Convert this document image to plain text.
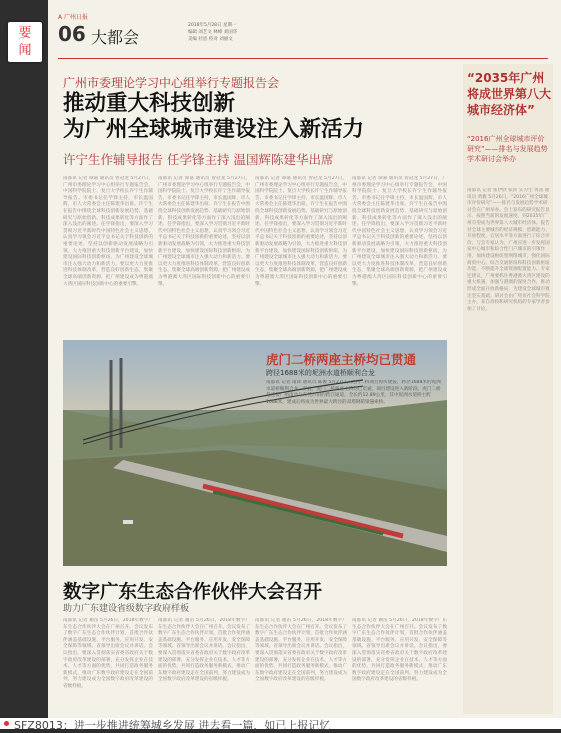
要闻
A 广州日报
06 大都会
2018年5月28日 星期一
编辑 刘艺文 林峰 刘国华
美编 杜恩 校对 刘丽文
广州市委理论学习中心组举行专题报告会
推动重大科技创新
为广州全球城市建设注入新活力
许宁生作辅导报告 任学锋主持 温国辉陈建华出席
南都讯 记者 谭嘉 通讯员 曾冠龙 5月27日，广州市委理论学习中心组举行专题报告会，中国科学院院士、复旦大学校长许宁生作辅导报告。市委书记任学锋主持，市长温国辉，市人大常委会主任陈建华出席。许宁生在报告中围绕全球科技创新发展趋势、基础研究与原始创新、科技成果转化等方面作了深入浅出的阐述。任学锋指出，要深入学习贯彻习近平新时代中国特色社会主义思想，认真学习领会习近平总书记关于科技创新的重要论述，坚持以创新驱动发展战略为引领，大力推进重大科技创新平台建设，加快建设国际科技创新枢纽，为广州建设全球城市注入强大动力和新活力。要以更大力度推进科技体制改革，营造良好创新生态，集聚全球高端创新资源，把广州建设成为粤港澳大湾区国际科技创新中心的重要引擎。
南都讯 记者 谭嘉 通讯员 曾冠龙 5月27日，广州市委理论学习中心组举行专题报告会，中国科学院院士、复旦大学校长许宁生作辅导报告。市委书记任学锋主持，市长温国辉，市人大常委会主任陈建华出席。许宁生在报告中围绕全球科技创新发展趋势、基础研究与原始创新、科技成果转化等方面作了深入浅出的阐述。任学锋指出，要深入学习贯彻习近平新时代中国特色社会主义思想，认真学习领会习近平总书记关于科技创新的重要论述，坚持以创新驱动发展战略为引领，大力推进重大科技创新平台建设，加快建设国际科技创新枢纽，为广州建设全球城市注入强大动力和新活力。要以更大力度推进科技体制改革，营造良好创新生态，集聚全球高端创新资源，把广州建设成为粤港澳大湾区国际科技创新中心的重要引擎。
南都讯 记者 谭嘉 通讯员 曾冠龙 5月27日，广州市委理论学习中心组举行专题报告会，中国科学院院士、复旦大学校长许宁生作辅导报告。市委书记任学锋主持，市长温国辉，市人大常委会主任陈建华出席。许宁生在报告中围绕全球科技创新发展趋势、基础研究与原始创新、科技成果转化等方面作了深入浅出的阐述。任学锋指出，要深入学习贯彻习近平新时代中国特色社会主义思想，认真学习领会习近平总书记关于科技创新的重要论述，坚持以创新驱动发展战略为引领，大力推进重大科技创新平台建设，加快建设国际科技创新枢纽，为广州建设全球城市注入强大动力和新活力。要以更大力度推进科技体制改革，营造良好创新生态，集聚全球高端创新资源，把广州建设成为粤港澳大湾区国际科技创新中心的重要引擎。
南都讯 记者 谭嘉 通讯员 曾冠龙 5月27日，广州市委理论学习中心组举行专题报告会，中国科学院院士、复旦大学校长许宁生作辅导报告。市委书记任学锋主持，市长温国辉，市人大常委会主任陈建华出席。许宁生在报告中围绕全球科技创新发展趋势、基础研究与原始创新、科技成果转化等方面作了深入浅出的阐述。任学锋指出，要深入学习贯彻习近平新时代中国特色社会主义思想，认真学习领会习近平总书记关于科技创新的重要论述，坚持以创新驱动发展战略为引领，大力推进重大科技创新平台建设，加快建设国际科技创新枢纽，为广州建设全球城市注入强大动力和新活力。要以更大力度推进科技体制改革，营造良好创新生态，集聚全球高端创新资源，把广州建设成为粤港澳大湾区国际科技创新中心的重要引擎。
虎门二桥两座主桥均已贯通
跨径1688米的坭洲水道桥顺利合龙
南都讯 记者 南锋 通讯员 陈俊 5月27日，虎门二桥项目再传捷报，跨径1688米的坭洲水道桥顺利合龙。至此，虎门二桥两座主桥均已贯通，项目建设进入新阶段。虎门二桥是连接广州南沙与东莞沙田的跨江通道，全长约12.89公里，其中坭洲水道桥主跨1688米，建成后将成为世界最大跨径的双塔钢箱梁悬索桥。
数字广东生态合作伙伴大会召开
助力广东建设省级数字政府样板
南都讯 记者 谢苗 5月26日，2018年数字广东生态合作伙伴大会在广州召开。会议发布了数字广东生态合作伙伴计划，首批合作伙伴涵盖基础设施、平台服务、应用开发、安全保障等领域。省领导出席会议并讲话。会议指出，要深入贯彻落实省委省政府关于数字政府改革建设的部署，充分发挥企业在技术、人才等方面的优势，共同打造政务服务新模式，推动广东数字政府建设走在全国前列，努力建设成为全国数字政府改革建设的省级样板。
南都讯 记者 谢苗 5月26日，2018年数字广东生态合作伙伴大会在广州召开。会议发布了数字广东生态合作伙伴计划，首批合作伙伴涵盖基础设施、平台服务、应用开发、安全保障等领域。省领导出席会议并讲话。会议指出，要深入贯彻落实省委省政府关于数字政府改革建设的部署，充分发挥企业在技术、人才等方面的优势，共同打造政务服务新模式，推动广东数字政府建设走在全国前列，努力建设成为全国数字政府改革建设的省级样板。
南都讯 记者 谢苗 5月26日，2018年数字广东生态合作伙伴大会在广州召开。会议发布了数字广东生态合作伙伴计划，首批合作伙伴涵盖基础设施、平台服务、应用开发、安全保障等领域。省领导出席会议并讲话。会议指出，要深入贯彻落实省委省政府关于数字政府改革建设的部署，充分发挥企业在技术、人才等方面的优势，共同打造政务服务新模式，推动广东数字政府建设走在全国前列，努力建设成为全国数字政府改革建设的省级样板。
南都讯 记者 谢苗 5月26日，2018年数字广东生态合作伙伴大会在广州召开。会议发布了数字广东生态合作伙伴计划，首批合作伙伴涵盖基础设施、平台服务、应用开发、安全保障等领域。省领导出席会议并讲话。会议指出，要深入贯彻落实省委省政府关于数字政府改革建设的部署，充分发挥企业在技术、人才等方面的优势，共同打造政务服务新模式，推动广东数字政府建设走在全国前列，努力建设成为全国数字政府改革建设的省级样板。
“2035年广州将成世界第八大城市经济体”
“2016广州全球城市评价研究”——排名与发展趋势学术研讨会举办
南都讯 记者 张伊欣 张沛 实习生 黄茜 通讯员 黄雅 5月26日，“2016广州全球城市评价研究”——排名与发展趋势学术研讨会在广州举办。会上发布的研究报告显示，按照当前的发展速度，到2035年广州有望成为世界第八大城市经济体。报告对全球主要城市的经济规模、创新能力、开放程度、宜居水平等方面进行了综合评价。与会专家认为，广州应进一步发挥国家中心城市和综合性门户城市的引领作用，加快建设枢纽型网络城市，强化国际商贸中心、综合交通枢纽和科技创新枢纽功能，不断提升全球资源配置能力。专家还建议，广州要抓住粤港澳大湾区建设的重大机遇，加强与港澳的深度合作，推动形成全面开放新格局，为建设全球城市奠定坚实基础。研讨会由广州市社会科学院主办，来自高校和研究机构的专家学者参加了讨论。
SFZ8013：进一步推进统筹城乡发展 进去看一篇，如已上报记忆
